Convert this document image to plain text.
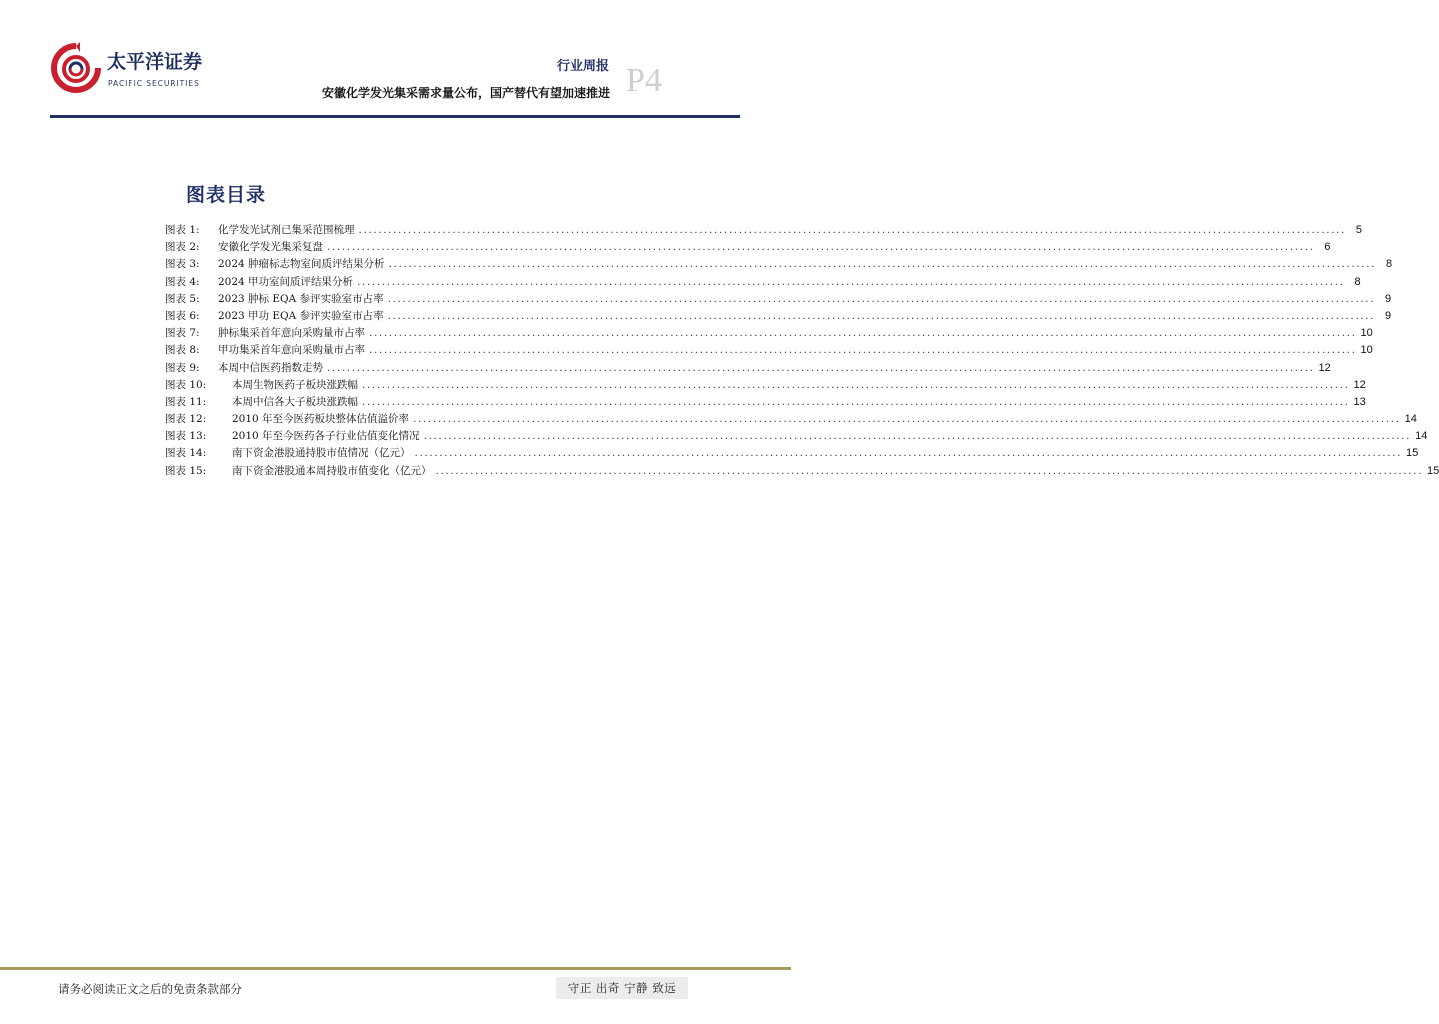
太平洋证券
PACIFIC SECURITIES
行业周报
安徽化学发光集采需求量公布，国产替代有望加速推进 P4
图表目录
图表 1:	化学发光试剂已集采范围梳理 ........................................................................................................................................................................................................ 5
图表 2:	安徽化学发光集采复盘 ........................................................................................................................................................................................................ 6
图表 3:	2024 肿瘤标志物室间质评结果分析 ........................................................................................................................................................................................................ 8
图表 4:	2024 甲功室间质评结果分析 ........................................................................................................................................................................................................ 8
图表 5:	2023 肿标 EQA 参评实验室市占率 ........................................................................................................................................................................................................ 9
图表 6:	2023 甲功 EQA 参评实验室市占率 ........................................................................................................................................................................................................ 9
图表 7:	肿标集采首年意向采购量市占率 ........................................................................................................................................................................................................ 10
图表 8:	甲功集采首年意向采购量市占率 ........................................................................................................................................................................................................ 10
图表 9:	本周中信医药指数走势 ........................................................................................................................................................................................................ 12
图表 10:	本周生物医药子板块涨跌幅 ........................................................................................................................................................................................................ 12
图表 11:	本周中信各大子板块涨跌幅 ........................................................................................................................................................................................................ 13
图表 12:	2010 年至今医药板块整体估值溢价率 ........................................................................................................................................................................................................ 14
图表 13:	2010 年至今医药各子行业估值变化情况 ........................................................................................................................................................................................................ 14
图表 14:	南下资金港股通持股市值情况（亿元） ........................................................................................................................................................................................................ 15
图表 15:	南下资金港股通本周持股市值变化（亿元） ........................................................................................................................................................................................................ 15
请务必阅读正文之后的免责条款部分	守正 出奇 宁静 致远
